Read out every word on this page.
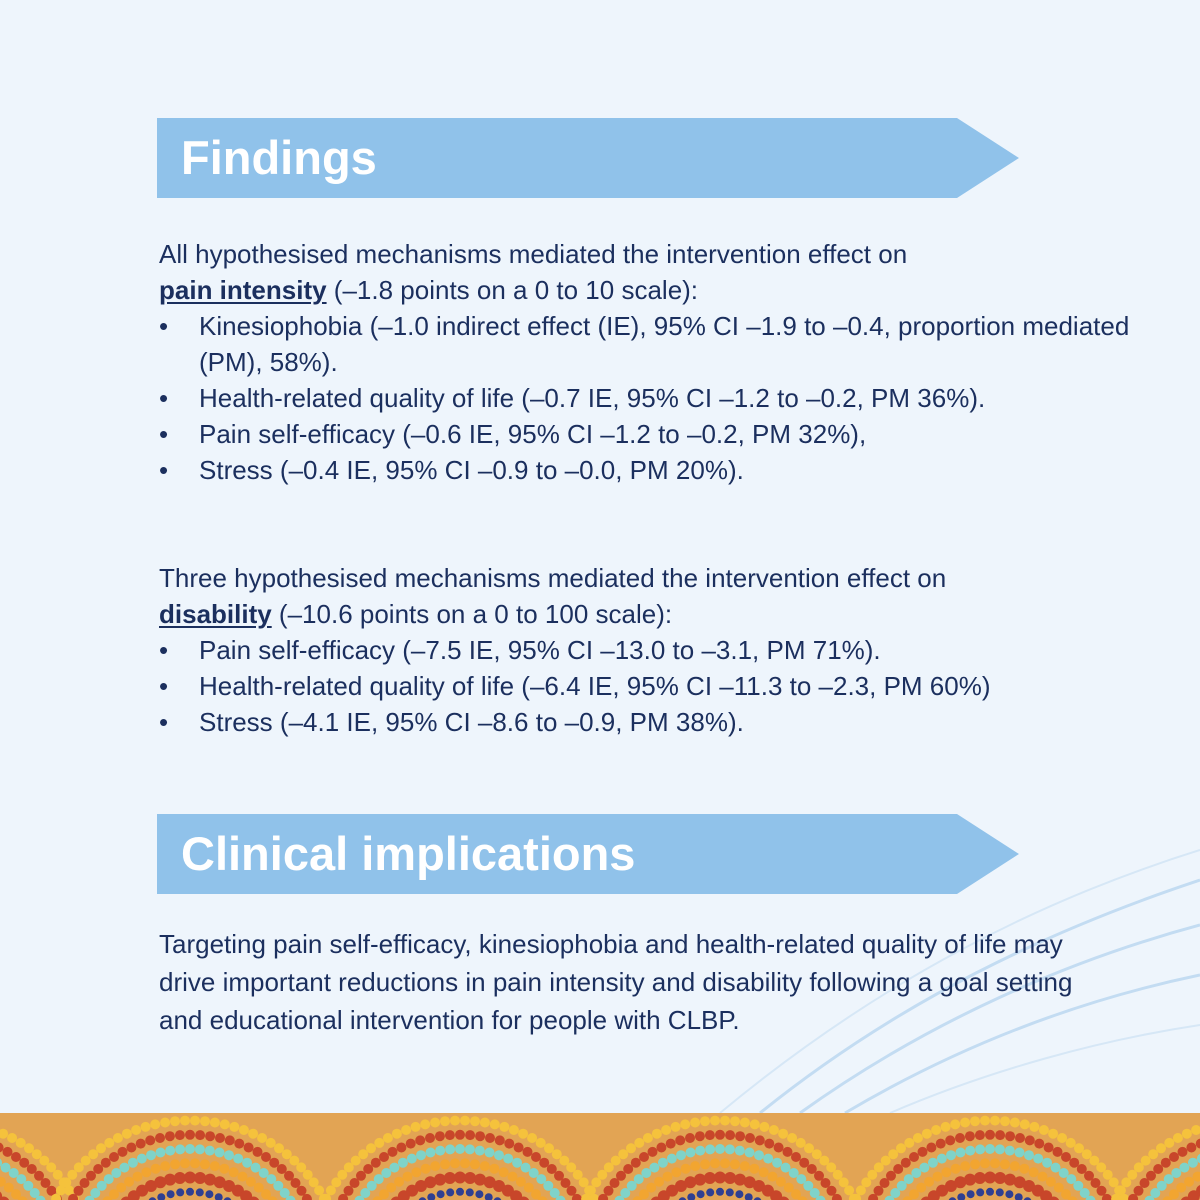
Findings

All hypothesised mechanisms mediated the intervention effect on
pain intensity (–1.8 points on a 0 to 10 scale):

• Kinesiophobia (–1.0 indirect effect (IE), 95% CI –1.9 to –0.4, proportion mediated (PM), 58%).
• Health-related quality of life (–0.7 IE, 95% CI –1.2 to –0.2, PM 36%).
• Pain self-efficacy (–0.6 IE, 95% CI –1.2 to –0.2, PM 32%),
• Stress (–0.4 IE, 95% CI –0.9 to –0.0, PM 20%).

Three hypothesised mechanisms mediated the intervention effect on
disability (–10.6 points on a 0 to 100 scale):

• Pain self-efficacy (–7.5 IE, 95% CI –13.0 to –3.1, PM 71%).
• Health-related quality of life (–6.4 IE, 95% CI –11.3 to –2.3, PM 60%)
• Stress (–4.1 IE, 95% CI –8.6 to –0.9, PM 38%).
Clinical implications
Targeting pain self-efficacy, kinesiophobia and health-related quality of life may drive important reductions in pain intensity and disability following a goal setting and educational intervention for people with CLBP.
